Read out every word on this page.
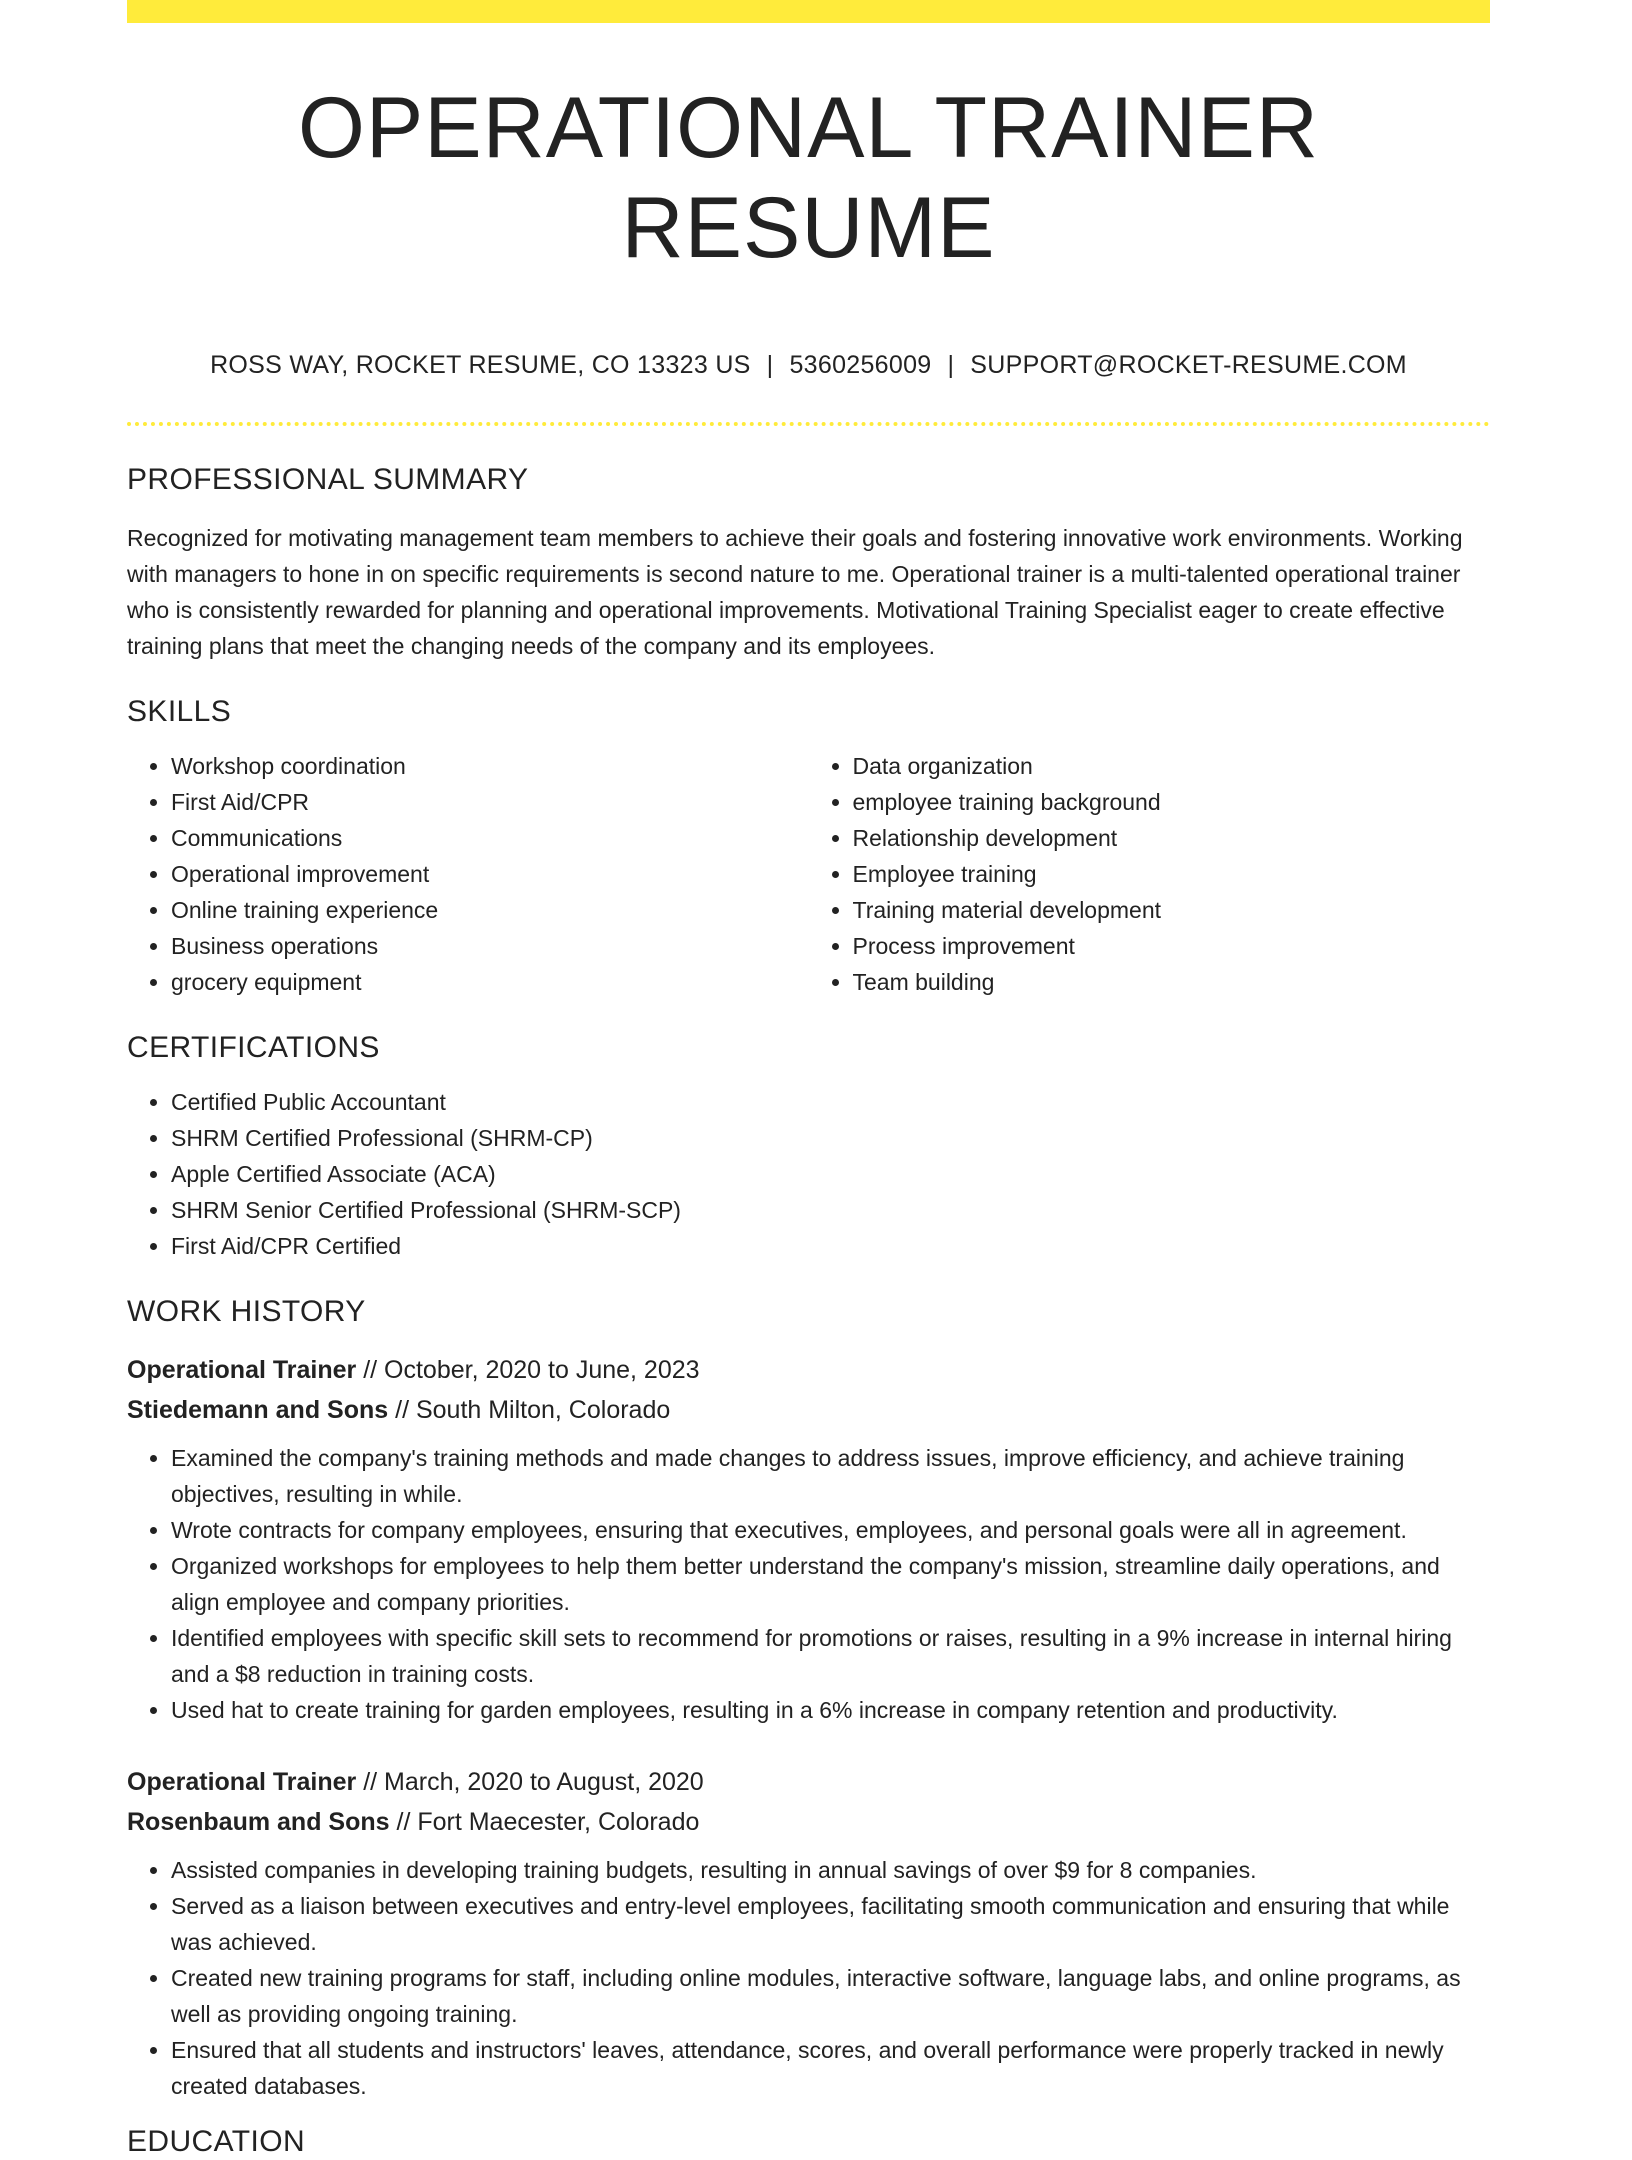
OPERATIONAL TRAINER RESUME
ROSS WAY, ROCKET RESUME, CO 13323 US | 5360256009 | SUPPORT@ROCKET-RESUME.COM
PROFESSIONAL SUMMARY
Recognized for motivating management team members to achieve their goals and fostering innovative work environments. Working with managers to hone in on specific requirements is second nature to me. Operational trainer is a multi-talented operational trainer who is consistently rewarded for planning and operational improvements. Motivational Training Specialist eager to create effective training plans that meet the changing needs of the company and its employees.
SKILLS
• Workshop coordination
• First Aid/CPR
• Communications
• Operational improvement
• Online training experience
• Business operations
• grocery equipment
• Data organization
• employee training background
• Relationship development
• Employee training
• Training material development
• Process improvement
• Team building
CERTIFICATIONS
• Certified Public Accountant
• SHRM Certified Professional (SHRM-CP)
• Apple Certified Associate (ACA)
• SHRM Senior Certified Professional (SHRM-SCP)
• First Aid/CPR Certified
WORK HISTORY
Operational Trainer // October, 2020 to June, 2023
Stiedemann and Sons // South Milton, Colorado
• Examined the company's training methods and made changes to address issues, improve efficiency, and achieve training objectives, resulting in while.
• Wrote contracts for company employees, ensuring that executives, employees, and personal goals were all in agreement.
• Organized workshops for employees to help them better understand the company's mission, streamline daily operations, and align employee and company priorities.
• Identified employees with specific skill sets to recommend for promotions or raises, resulting in a 9% increase in internal hiring and a $8 reduction in training costs.
• Used hat to create training for garden employees, resulting in a 6% increase in company retention and productivity.
Operational Trainer // March, 2020 to August, 2020
Rosenbaum and Sons // Fort Maecester, Colorado
• Assisted companies in developing training budgets, resulting in annual savings of over $9 for 8 companies.
• Served as a liaison between executives and entry-level employees, facilitating smooth communication and ensuring that while was achieved.
• Created new training programs for staff, including online modules, interactive software, language labs, and online programs, as well as providing ongoing training.
• Ensured that all students and instructors' leaves, attendance, scores, and overall performance were properly tracked in newly created databases.
EDUCATION
